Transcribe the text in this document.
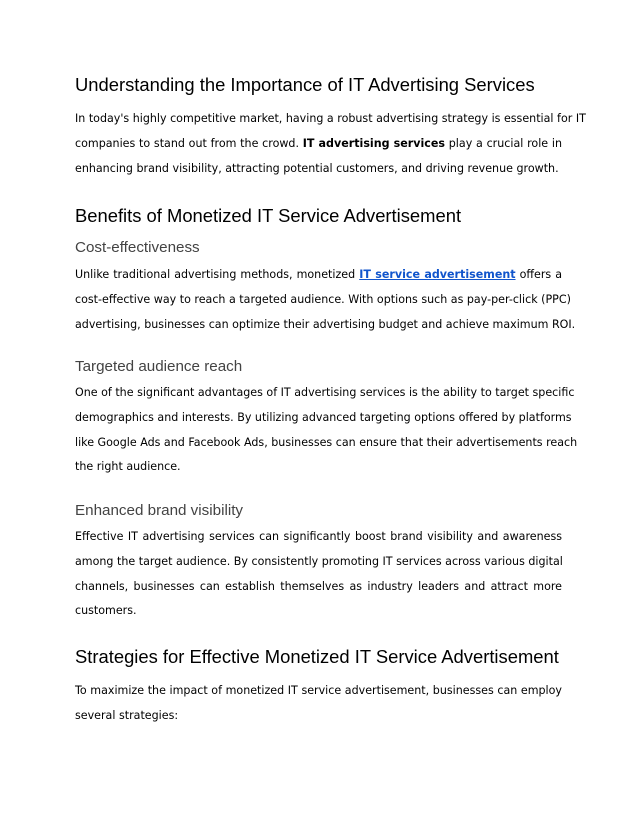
Understanding the Importance of IT Advertising Services
In today's highly competitive market, having a robust advertising strategy is essential for IT
companies to stand out from the crowd. IT advertising services play a crucial role in
enhancing brand visibility, attracting potential customers, and driving revenue growth.
Benefits of Monetized IT Service Advertisement
Cost-effectiveness
Unlike traditional advertising methods, monetized IT service advertisement offers a
cost-effective way to reach a targeted audience. With options such as pay-per-click (PPC)
advertising, businesses can optimize their advertising budget and achieve maximum ROI.
Targeted audience reach
One of the significant advantages of IT advertising services is the ability to target specific
demographics and interests. By utilizing advanced targeting options offered by platforms
like Google Ads and Facebook Ads, businesses can ensure that their advertisements reach
the right audience.
Enhanced brand visibility
Effective IT advertising services can significantly boost brand visibility and awareness
among the target audience. By consistently promoting IT services across various digital
channels, businesses can establish themselves as industry leaders and attract more
customers.
Strategies for Effective Monetized IT Service Advertisement
To maximize the impact of monetized IT service advertisement, businesses can employ
several strategies:
